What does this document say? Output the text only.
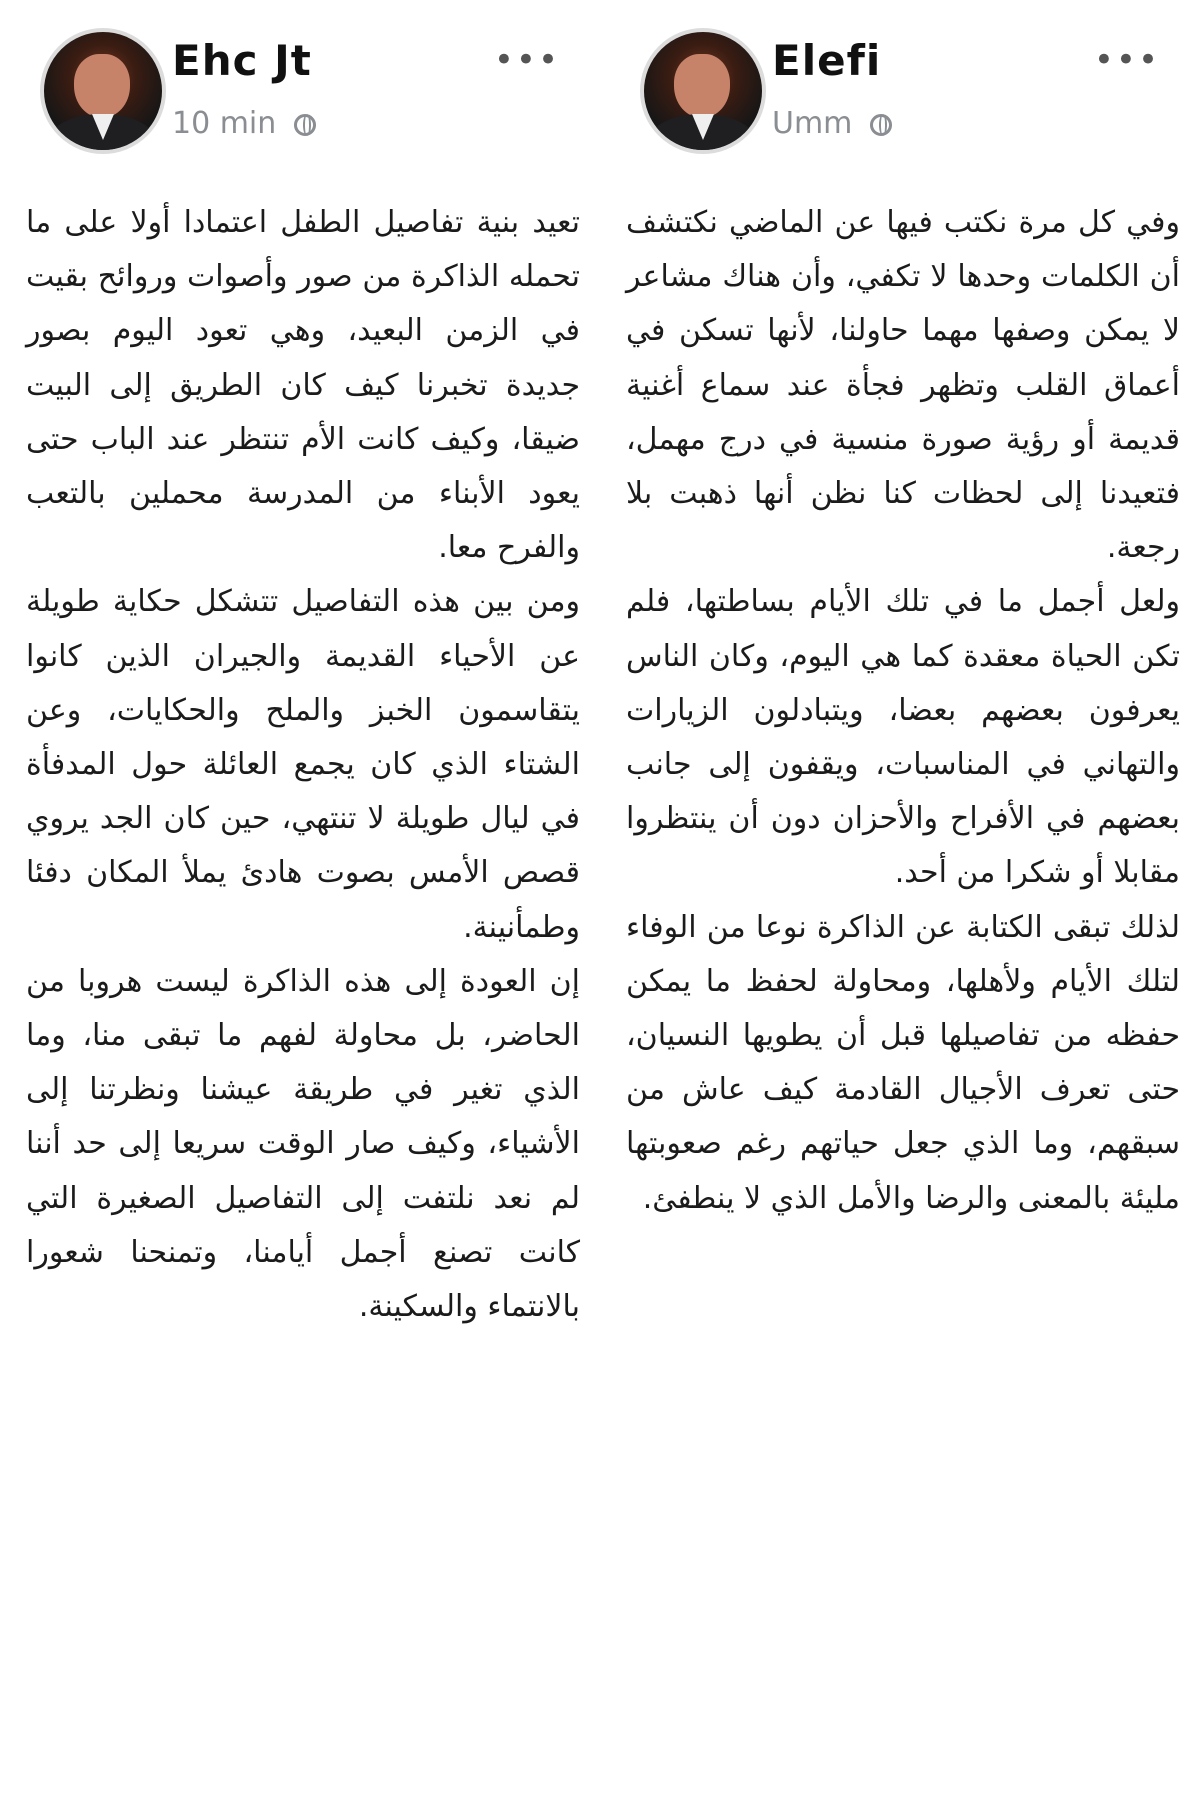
Ehc Jt
10 min
•••

تعيد بنية تفاصيل الطفل اعتمادا أولا على ما تحمله الذاكرة من صور وأصوات وروائح بقيت في الزمن البعيد، وهي تعود اليوم بصور جديدة تخبرنا كيف كان الطريق إلى البيت ضيقا، وكيف كانت الأم تنتظر عند الباب حتى يعود الأبناء من المدرسة محملين بالتعب والفرح معا.

ومن بين هذه التفاصيل تتشكل حكاية طويلة عن الأحياء القديمة والجيران الذين كانوا يتقاسمون الخبز والملح والحكايات، وعن الشتاء الذي كان يجمع العائلة حول المدفأة في ليال طويلة لا تنتهي، حين كان الجد يروي قصص الأمس بصوت هادئ يملأ المكان دفئا وطمأنينة.

إن العودة إلى هذه الذاكرة ليست هروبا من الحاضر، بل محاولة لفهم ما تبقى منا، وما الذي تغير في طريقة عيشنا ونظرتنا إلى الأشياء، وكيف صار الوقت سريعا إلى حد أننا لم نعد نلتفت إلى التفاصيل الصغيرة التي كانت تصنع أجمل أيامنا، وتمنحنا شعورا بالانتماء والسكينة.

Elefi
Umm
•••

وفي كل مرة نكتب فيها عن الماضي نكتشف أن الكلمات وحدها لا تكفي، وأن هناك مشاعر لا يمكن وصفها مهما حاولنا، لأنها تسكن في أعماق القلب وتظهر فجأة عند سماع أغنية قديمة أو رؤية صورة منسية في درج مهمل، فتعيدنا إلى لحظات كنا نظن أنها ذهبت بلا رجعة.

ولعل أجمل ما في تلك الأيام بساطتها، فلم تكن الحياة معقدة كما هي اليوم، وكان الناس يعرفون بعضهم بعضا، ويتبادلون الزيارات والتهاني في المناسبات، ويقفون إلى جانب بعضهم في الأفراح والأحزان دون أن ينتظروا مقابلا أو شكرا من أحد.

لذلك تبقى الكتابة عن الذاكرة نوعا من الوفاء لتلك الأيام ولأهلها، ومحاولة لحفظ ما يمكن حفظه من تفاصيلها قبل أن يطويها النسيان، حتى تعرف الأجيال القادمة كيف عاش من سبقهم، وما الذي جعل حياتهم رغم صعوبتها مليئة بالمعنى والرضا والأمل الذي لا ينطفئ.
